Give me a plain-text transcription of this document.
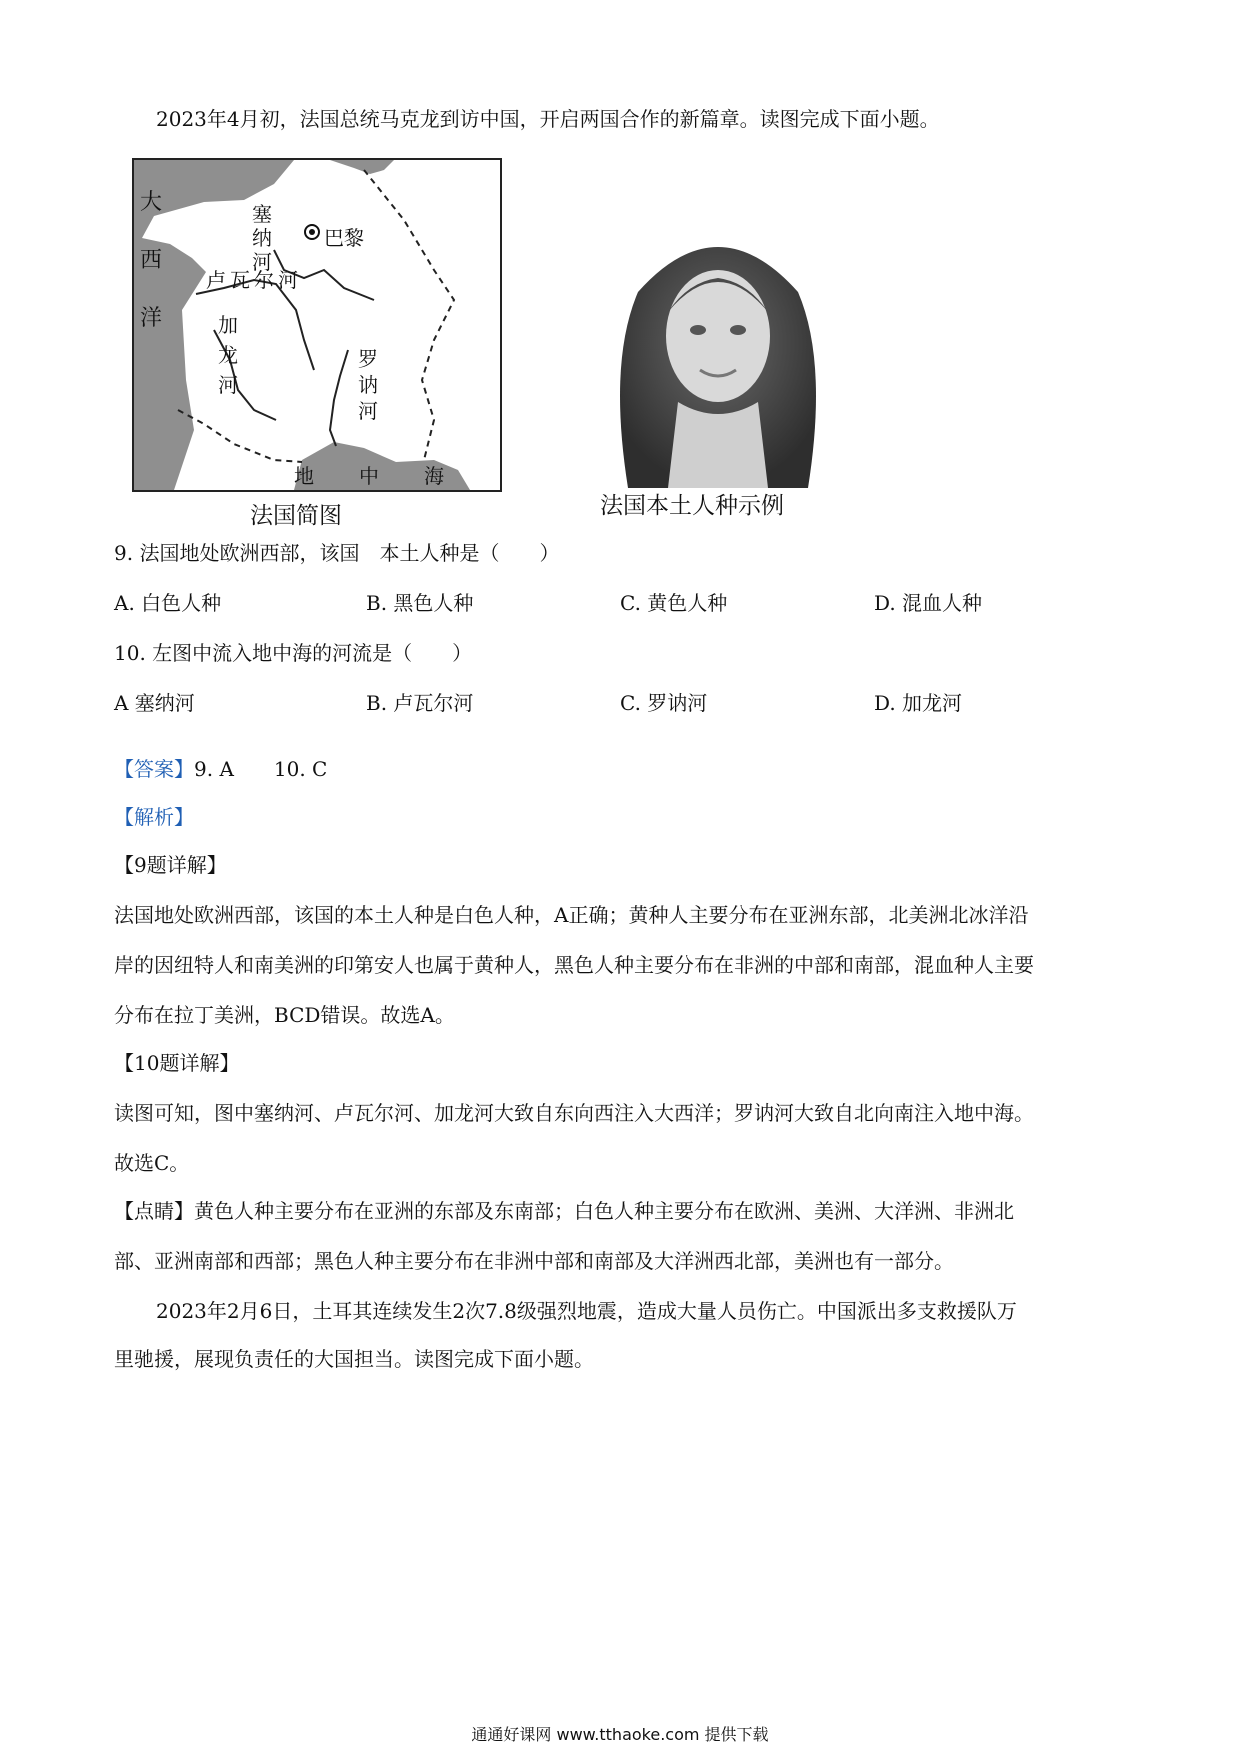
2023年4月初，法国总统马克龙到访中国，开启两国合作的新篇章。读图完成下面小题。
大
西
洋
巴黎
塞
纳
河
卢瓦尔河
加
龙
河
罗
讷
河
地 中 海
法国简图	法国本土人种示例
9. 法国地处欧洲西部，该国　本土人种是（　　）
A. 白色人种	B. 黑色人种	C. 黄色人种	D. 混血人种
10. 左图中流入地中海的河流是（　　）
A 塞纳河	B. 卢瓦尔河	C. 罗讷河	D. 加龙河
【答案】9. A　　10. C
【解析】
【9题详解】
法国地处欧洲西部，该国的本土人种是白色人种，A正确；黄种人主要分布在亚洲东部，北美洲北冰洋沿
岸的因纽特人和南美洲的印第安人也属于黄种人，黑色人种主要分布在非洲的中部和南部，混血种人主要
分布在拉丁美洲，BCD错误。故选A。
【10题详解】
读图可知，图中塞纳河、卢瓦尔河、加龙河大致自东向西注入大西洋；罗讷河大致自北向南注入地中海。
故选C。
【点睛】黄色人种主要分布在亚洲的东部及东南部；白色人种主要分布在欧洲、美洲、大洋洲、非洲北
部、亚洲南部和西部；黑色人种主要分布在非洲中部和南部及大洋洲西北部，美洲也有一部分。
2023年2月6日，土耳其连续发生2次7.8级强烈地震，造成大量人员伤亡。中国派出多支救援队万
里驰援，展现负责任的大国担当。读图完成下面小题。
通通好课网 www.tthaoke.com 提供下载
